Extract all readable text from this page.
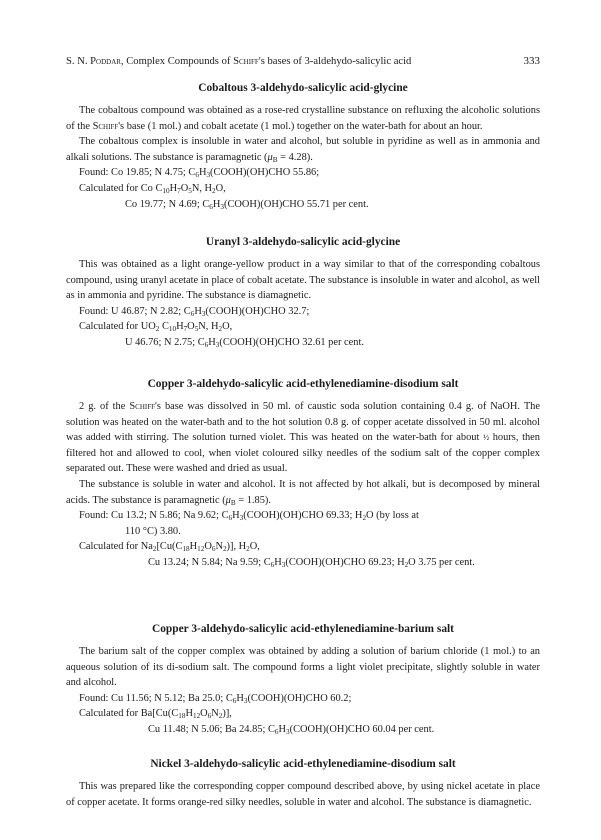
S. N. Poddar, Complex Compounds of Schiff's bases of 3-aldehydo-salicylic acid	333
Cobaltous 3-aldehydo-salicylic acid-glycine

The cobaltous compound was obtained as a rose-red crystalline substance on refluxing the alcoholic solutions of the Schiff's base (1 mol.) and cobalt acetate (1 mol.) together on the water-bath for about an hour.

The cobaltous complex is insoluble in water and alcohol, but soluble in pyridine as well as in ammonia and alkali solutions. The substance is paramagnetic $(\mu_B = 4.28)$.

Found: Co 19.85; N 4.75; $C_6H_3(COOH)(OH)CHO$ 55.86;

Calculated for Co $C_{10}H_7O_5N$, $H_2O$,

Co 19.77; N 4.69; $C_6H_3(COOH)(OH)CHO$ 55.71 per cent.

Uranyl 3-aldehydo-salicylic acid-glycine

This was obtained as a light orange-yellow product in a way similar to that of the corresponding cobaltous compound, using uranyl acetate in place of cobalt acetate. The substance is insoluble in water and alcohol, as well as in ammonia and pyridine. The substance is diamagnetic.

Found: U 46.87; N 2.82; $C_6H_3(COOH)(OH)CHO$ 32.7;

Calculated for $UO_2$ $C_{10}H_7O_5N$, $H_2O$,

U 46.76; N 2.75; $C_6H_3(COOH)(OH)CHO$ 32.61 per cent.

Copper 3-aldehydo-salicylic acid-ethylenediamine-disodium salt

2 g. of the Schiff's base was dissolved in 50 ml. of caustic soda solution containing 0.4 g. of NaOH. The solution was heated on the water-bath and to the hot solution 0.8 g. of copper acetate dissolved in 50 ml. alcohol was added with stirring. The solution turned violet. This was heated on the water-bath for about ½ hours, then filtered hot and allowed to cool, when violet coloured silky needles of the sodium salt of the copper complex separated out. These were washed and dried as usual.

The substance is soluble in water and alcohol. It is not affected by hot alkali, but is decomposed by mineral acids. The substance is paramagnetic $(\mu_B = 1.85)$.

Found: Cu 13.2; N 5.86; Na 9.62; $C_6H_3(COOH)(OH)CHO$ 69.33; $H_2O$ (by loss at

110 °C) 3.80.

Calculated for $Na_2[Cu(C_{18}H_{12}O_6N_2)]$, $H_2O$,

Cu 13.24; N 5.84; Na 9.59; $C_6H_3(COOH)(OH)CHO$ 69.23; $H_2O$ 3.75 per cent.

Copper 3-aldehydo-salicylic acid-ethylenediamine-barium salt

The barium salt of the copper complex was obtained by adding a solution of barium chloride (1 mol.) to an aqueous solution of its di-sodium salt. The compound forms a light violet precipitate, slightly soluble in water and alcohol.

Found: Cu 11.56; N 5.12; Ba 25.0; $C_6H_3(COOH)(OH)CHO$ 60.2;

Calculated for $Ba[Cu(C_{18}H_{12}O_6N_2)]$,

Cu 11.48; N 5.06; Ba 24.85; $C_6H_3(COOH)(OH)CHO$ 60.04 per cent.

Nickel 3-aldehydo-salicylic acid-ethylenediamine-disodium salt

This was prepared like the corresponding copper compound described above, by using nickel acetate in place of copper acetate. It forms orange-red silky needles, soluble in water and alcohol. The substance is diamagnetic.
